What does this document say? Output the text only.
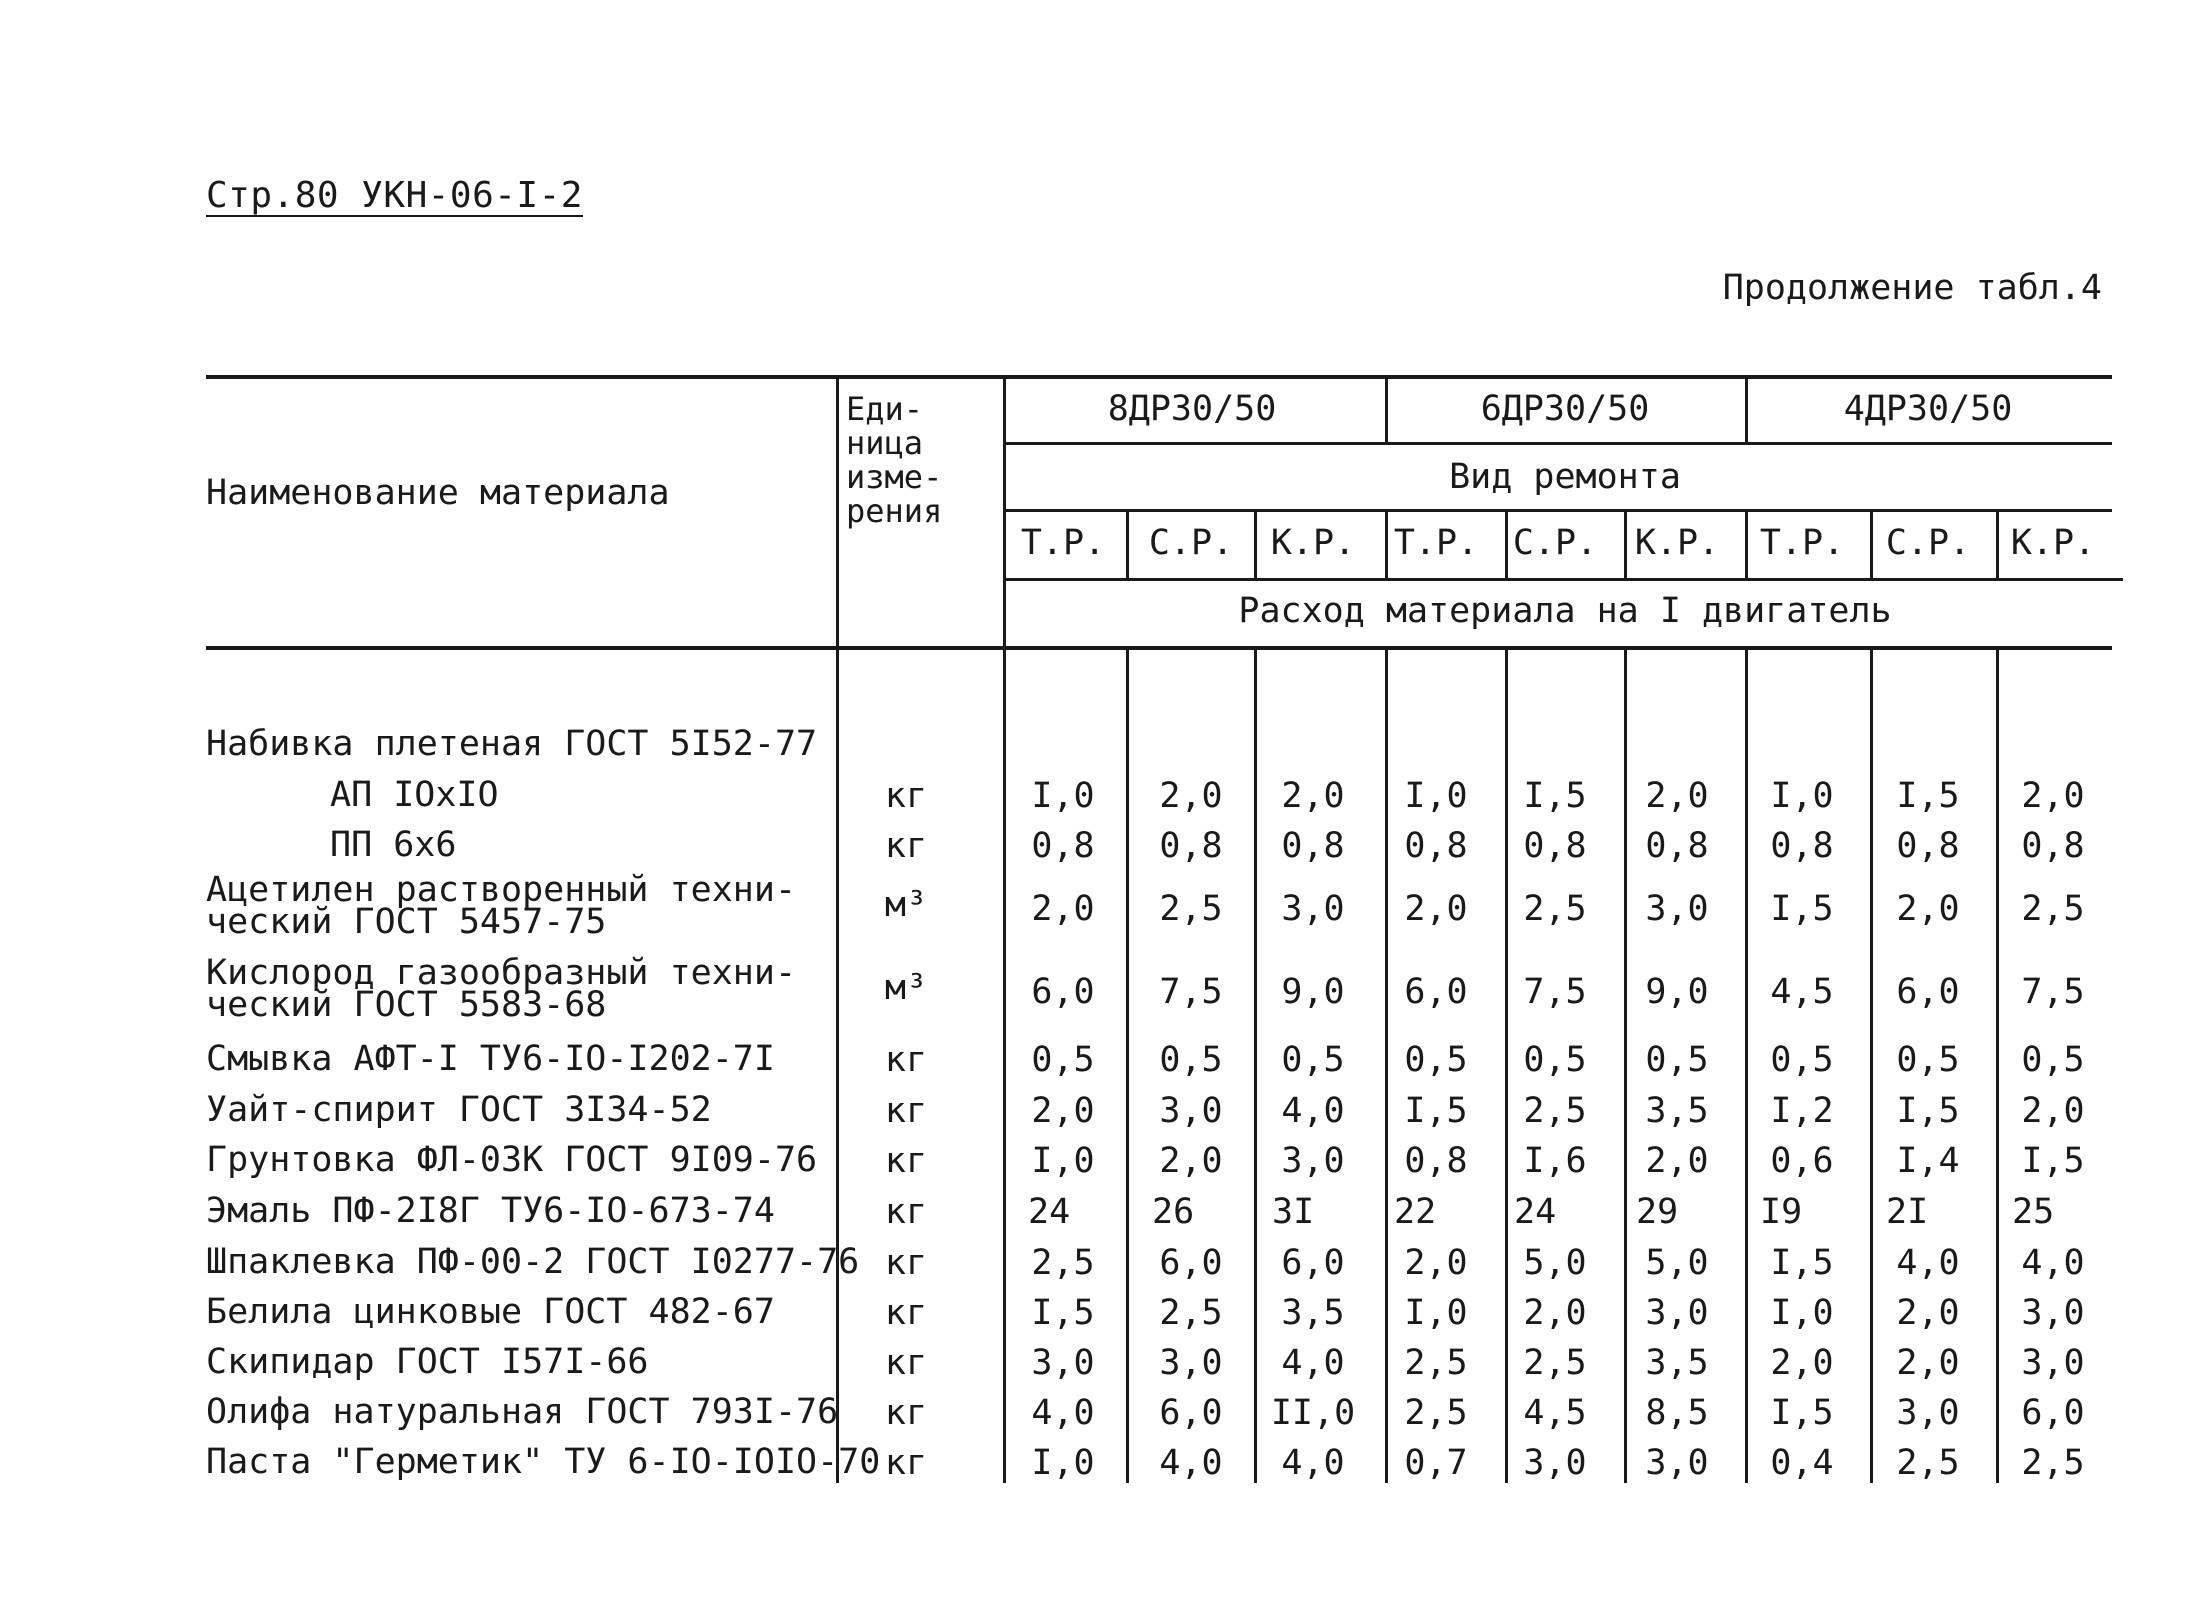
Стр.80 УКН-06-I-2
Продолжение табл.4
Наименование материала
Еди-
ница
изме-
рения
8ДР30/50	6ДР30/50	4ДР30/50
Вид ремонта
Расход материала на I двигатель
Т.Р. С.Р. К.Р. Т.Р. С.Р. К.Р. Т.Р. С.Р. К.Р.
Набивка плетеная ГОСТ 5I52-77
АП IOxIO	кг	I,0 2,0 2,0 I,0 I,5 2,0 I,0 I,5 2,0
ПП 6х6	кг	0,8 0,8 0,8 0,8 0,8 0,8 0,8 0,8 0,8
Ацетилен растворенный техни-
ческий ГОСТ 5457-75	м³	2,0 2,5 3,0 2,0 2,5 3,0 I,5 2,0 2,5
Кислород газообразный техни-
ческий ГОСТ 5583-68	м³	6,0 7,5 9,0 6,0 7,5 9,0 4,5 6,0 7,5
Смывка АФТ-I ТУ6-IO-I202-7I	кг	0,5 0,5 0,5 0,5 0,5 0,5 0,5 0,5 0,5
Уайт-спирит ГОСТ 3I34-52	кг	2,0 3,0 4,0 I,5 2,5 3,5 I,2 I,5 2,0
Грунтовка ФЛ-03К ГОСТ 9I09-76 кг	I,0 2,0 3,0 0,8 I,6 2,0 0,6 I,4 I,5
Эмаль ПФ-2I8Г ТУ6-IO-673-74	кг	24 26 3I 22 24 29 I9 2I 25
Шпаклевка ПФ-00-2 ГОСТ I0277-76 кг	2,5 6,0 6,0 2,0 5,0 5,0 I,5 4,0 4,0
Белила цинковые ГОСТ 482-67	кг	I,5 2,5 3,5 I,0 2,0 3,0 I,0 2,0 3,0
Скипидар ГОСТ I57I-66	кг	3,0 3,0 4,0 2,5 2,5 3,5 2,0 2,0 3,0
Олифа натуральная ГОСТ 793I-76 кг	4,0 6,0 II,0 2,5 4,5 8,5 I,5 3,0 6,0
Паста "Герметик" ТУ 6-IO-IOIO-70 кг	I,0 4,0 4,0 0,7 3,0 3,0 0,4 2,5 2,5
